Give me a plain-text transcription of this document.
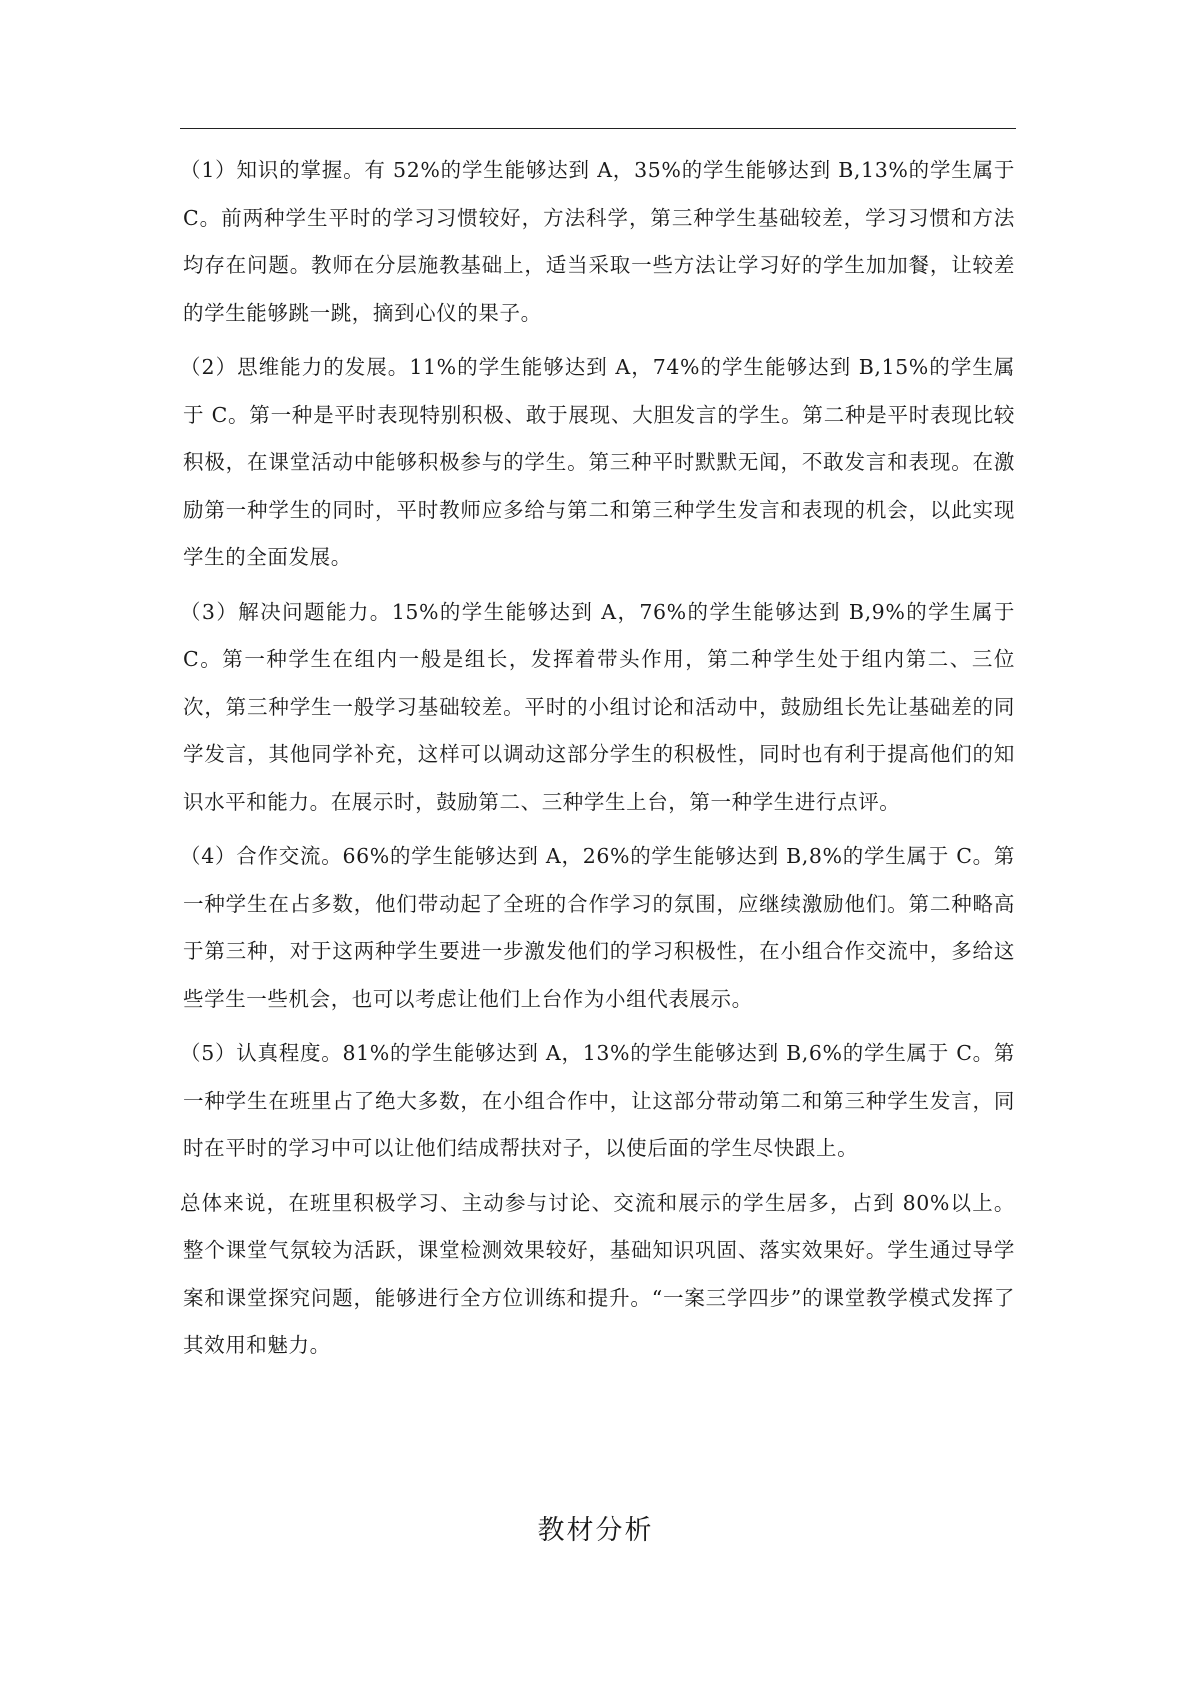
（1）知识的掌握。有 52%的学生能够达到 A，35%的学生能够达到 B,13%的学生属于 C。前两种学生平时的学习习惯较好，方法科学，第三种学生基础较差，学习习惯和方法均存在问题。教师在分层施教基础上，适当采取一些方法让学习好的学生加加餐，让较差的学生能够跳一跳，摘到心仪的果子。

（2）思维能力的发展。11%的学生能够达到 A，74%的学生能够达到 B,15%的学生属于 C。第一种是平时表现特别积极、敢于展现、大胆发言的学生。第二种是平时表现比较积极，在课堂活动中能够积极参与的学生。第三种平时默默无闻，不敢发言和表现。在激励第一种学生的同时，平时教师应多给与第二和第三种学生发言和表现的机会，以此实现学生的全面发展。

（3）解决问题能力。15%的学生能够达到 A，76%的学生能够达到 B,9%的学生属于 C。第一种学生在组内一般是组长，发挥着带头作用，第二种学生处于组内第二、三位次，第三种学生一般学习基础较差。平时的小组讨论和活动中，鼓励组长先让基础差的同学发言，其他同学补充，这样可以调动这部分学生的积极性，同时也有利于提高他们的知识水平和能力。在展示时，鼓励第二、三种学生上台，第一种学生进行点评。

（4）合作交流。66%的学生能够达到 A，26%的学生能够达到 B,8%的学生属于 C。第一种学生在占多数，他们带动起了全班的合作学习的氛围，应继续激励他们。第二种略高于第三种，对于这两种学生要进一步激发他们的学习积极性，在小组合作交流中，多给这些学生一些机会，也可以考虑让他们上台作为小组代表展示。

（5）认真程度。81%的学生能够达到 A，13%的学生能够达到 B,6%的学生属于 C。第一种学生在班里占了绝大多数，在小组合作中，让这部分带动第二和第三种学生发言，同时在平时的学习中可以让他们结成帮扶对子，以使后面的学生尽快跟上。

总体来说，在班里积极学习、主动参与讨论、交流和展示的学生居多，占到 80%以上。整个课堂气氛较为活跃，课堂检测效果较好，基础知识巩固、落实效果好。学生通过导学案和课堂探究问题，能够进行全方位训练和提升。“一案三学四步”的课堂教学模式发挥了其效用和魅力。

教材分析
